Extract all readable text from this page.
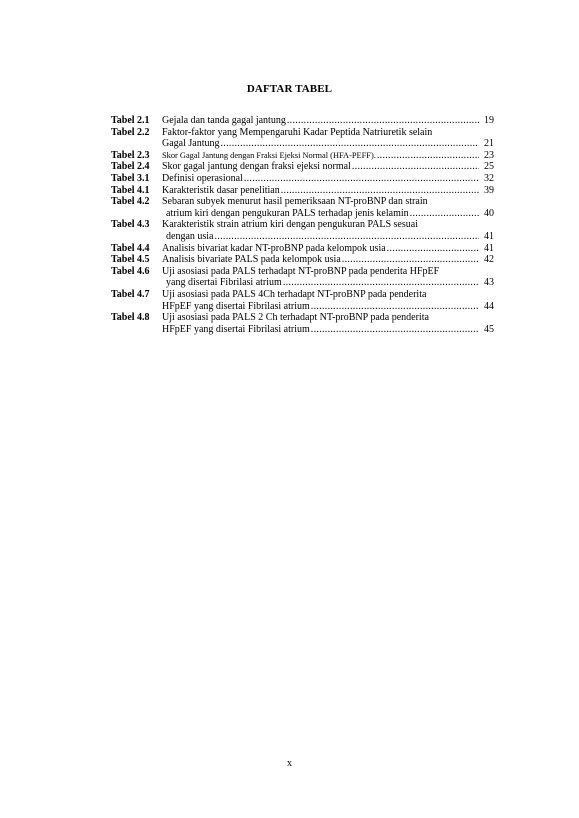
DAFTAR TABEL
Tabel 2.1 Gejala dan tanda gagal jantung .....	19
Tabel 2.2 Faktor-faktor yang Mempengaruhi Kadar Peptida Natriuretik selain
Gagal Jantung .....	21
Tabel 2.3 Skor Gagal Jantung dengan Fraksi Ejeksi Normal (HFA-PEFF). .....	23
Tabel 2.4 Skor gagal jantung dengan fraksi ejeksi normal .....	25
Tabel 3.1 Definisi operasional .....	32
Tabel 4.1 Karakteristik dasar penelitian .....	39
Tabel 4.2 Sebaran subyek menurut hasil pemeriksaan NT-proBNP dan strain
atrium kiri dengan pengukuran PALS terhadap jenis kelamin .....	40
Tabel 4.3 Karakteristik strain atrium kiri dengan pengukuran PALS sesuai
dengan usia .....	41
Tabel 4.4 Analisis bivariat kadar NT-proBNP pada kelompok usia .....	41
Tabel 4.5 Analisis bivariate PALS pada kelompok usia .....	42
Tabel 4.6 Uji asosiasi pada PALS terhadapt NT-proBNP pada penderita HFpEF
yang disertai Fibrilasi atrium .....	43
Tabel 4.7 Uji asosiasi pada PALS 4Ch terhadapt NT-proBNP pada penderita
HFpEF yang disertai Fibrilasi atrium .....	44
Tabel 4.8 Uji asosiasi pada PALS 2 Ch terhadapt NT-proBNP pada penderita
HFpEF yang disertai Fibrilasi atrium .....	45
x
